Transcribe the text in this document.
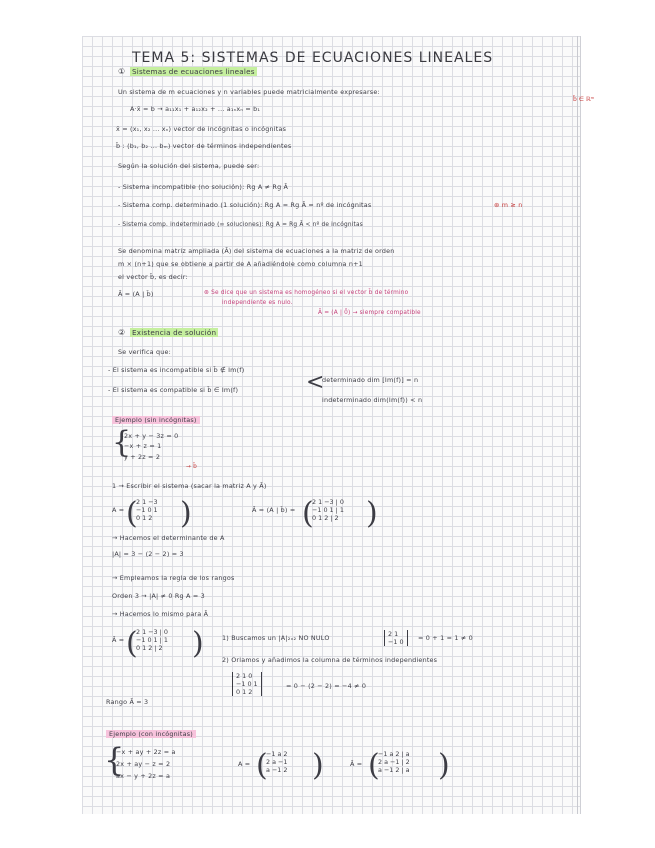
TEMA 5: SISTEMAS DE ECUACIONES LINEALES
① Sistemas de ecuaciones lineales
Un sistema de m ecuaciones y n variables puede matricialmente expresarse:
A·x̄ = b → a₁₁x₁ + a₁₂x₂ + ... a₁ₙxₙ = b₁
x̄ = (x₁, x₂ ... xₙ) vector de incógnitas o incógnitas
b̄ : (b₁, b₂ ... bₘ) vector de términos independientes
Según la solución del sistema, puede ser:
- Sistema incompatible (no solución): Rg A ≠ Rg Ā
- Sistema comp. determinado (1 solución): Rg A = Rg Ā = nº de incógnitas	⊛ m ≥ n
- Sistema comp. indeterminado (∞ soluciones): Rg A = Rg Ā < nº de incógnitas
Se denomina matriz ampliada (Ā) del sistema de ecuaciones a la matriz de orden
m × (n+1) que se obtiene a partir de A añadiéndole como columna n+1
el vector b̄, es decir:
Ā = (A | b̄)	⊛ Se dice que un sistema es homogéneo si el vector b̄ de término
independiente es nulo.
Ā = (A | 0̄) → siempre compatible
② Existencia de solución
Se verifica que:
- El sistema es incompatible si b̄ ∉ Im(f)
determinado dim [Im(f)] = n
- El sistema es compatible si b̄ ∈ Im(f)	<
indeterminado dim(Im(f)) < n
Ejemplo (sin incógnitas)
{
2x + y − 3z = 0
−x + z = 1
y + 2z = 2
→ b̄
1 → Escribir el sistema (sacar la matriz A y Ā)
A = (
2 1 −3
−1 0 1
0 1 2 )	Ā = (A | b̄) = (
2 1 −3 | 0
−1 0 1 | 1
0 1 2 | 2 )
→ Hacemos el determinante de A
|A| = 3 − (2 − 2) = 3
→ Empleamos la regla de los rangos
Orden 3 → |A| ≠ 0 Rg A = 3
→ Hacemos lo mismo para Ā
Ā = (
2 1 −3 | 0
−1 0 1 | 1
0 1 2 | 2 )	1) Buscamos un |A|₂ₓ₂ NO NULO	2 1
−1 0 = 0 + 1 = 1 ≠ 0
2) Orlamos y añadimos la columna de términos independientes
2 1 0
−1 0 1
0 1 2
= 0 − (2 − 2) = −4 ≠ 0
Rango Ā = 3
Ejemplo (con incógnitas)
{
−x + ay + 2z = a
2x + ay − z = 2
ax − y + 2z = a
A = (
−1 a 2
2 a −1
a −1 2 )	Ā = (
−1 a 2 | a
2 a −1 | 2
a −1 2 | a )
b̄ ∈ ℝᵐ
